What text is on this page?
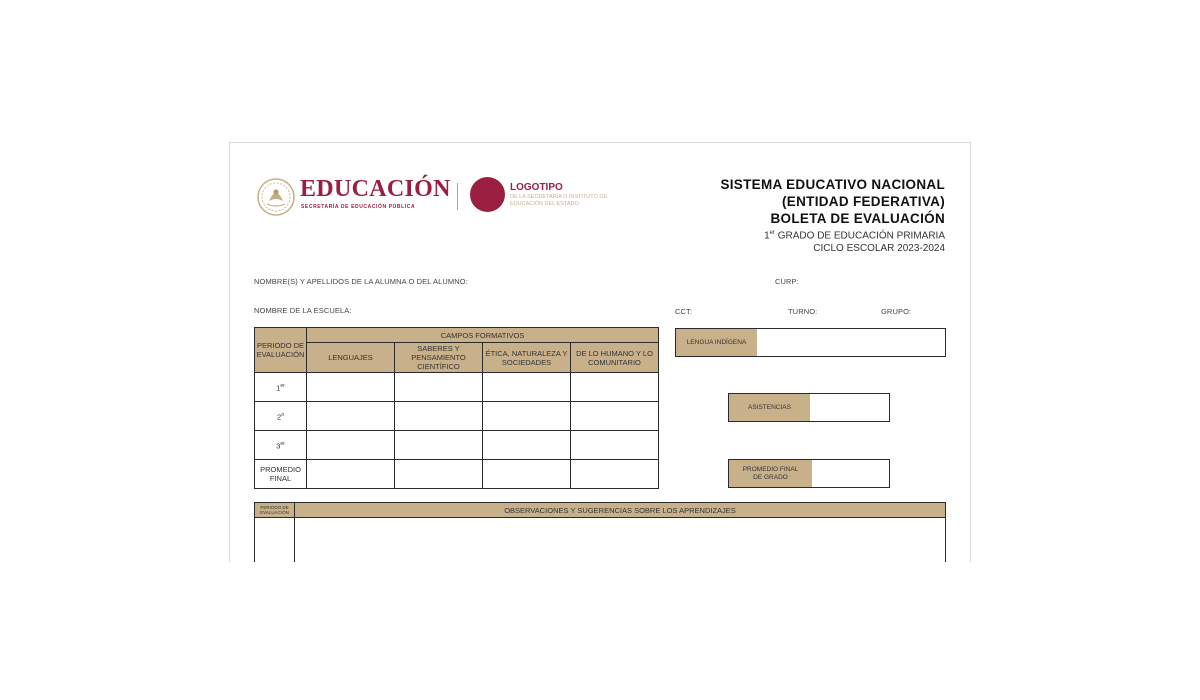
EDUCACIÓN
SECRETARÍA DE EDUCACIÓN PÚBLICA
LOGOTIPO
DE LA SECRETARÍA O INSTITUTO DE EDUCACIÓN DEL ESTADO
SISTEMA EDUCATIVO NACIONAL
(ENTIDAD FEDERATIVA)
BOLETA DE EVALUACIÓN
1er GRADO DE EDUCACIÓN PRIMARIA
CICLO ESCOLAR 2023-2024
NOMBRE(S) Y APELLIDOS DE LA ALUMNA O DEL ALUMNO:	CURP:
NOMBRE DE LA ESCUELA:	CCT:	TURNO:	GRUPO:
PERIODO DE EVALUACIÓN	CAMPOS FORMATIVOS			
	LENGUAJES	SABERES Y PENSAMIENTO CIENTÍFICO	ÉTICA, NATURALEZA Y SOCIEDADES	DE LO HUMANO Y LO COMUNITARIO
1er				
2$^o$				
3er				
PROMEDIO FINAL				
LENGUA INDÍGENA
ASISTENCIAS
PROMEDIO FINAL DE GRADO
PERIODO DE EVALUACIÓN	OBSERVACIONES Y SUGERENCIAS SOBRE LOS APRENDIZAJES
